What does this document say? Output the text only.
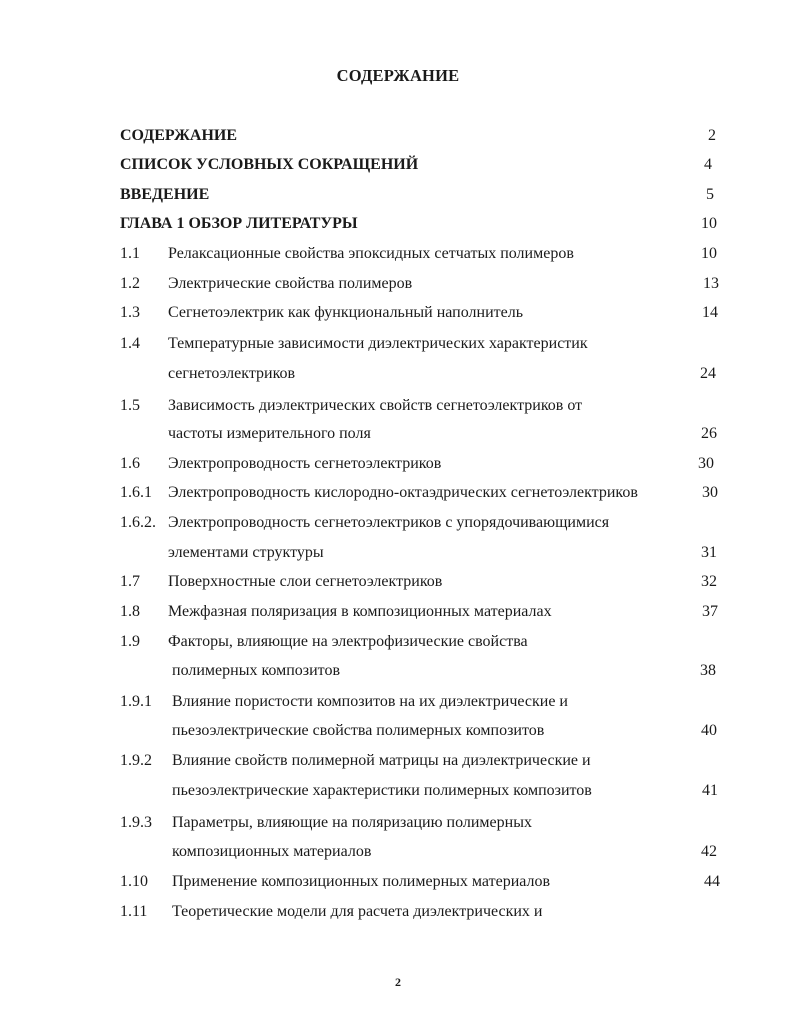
СОДЕРЖАНИЕ
СОДЕРЖАНИЕ	2
СПИСОК УСЛОВНЫХ СОКРАЩЕНИЙ	4
ВВЕДЕНИЕ	5
ГЛАВА 1 ОБЗОР ЛИТЕРАТУРЫ	10
1.1 Релаксационные свойства эпоксидных сетчатых полимеров	10
1.2 Электрические свойства полимеров	13
1.3 Сегнетоэлектрик как функциональный наполнитель	14
1.4 Температурные зависимости диэлектрических характеристик
сегнетоэлектриков	24
1.5 Зависимость диэлектрических свойств сегнетоэлектриков от
частоты измерительного поля	26
1.6 Электропроводность сегнетоэлектриков	30
1.6.1 Электропроводность кислородно-октаэдрических сегнетоэлектриков	30
1.6.2. Электропроводность сегнетоэлектриков с упорядочивающимися
элементами структуры	31
1.7 Поверхностные слои сегнетоэлектриков	32
1.8 Межфазная поляризация в композиционных материалах	37
1.9 Факторы, влияющие на электрофизические свойства
полимерных композитов	38
1.9.1 Влияние пористости композитов на их диэлектрические и
пьезоэлектрические свойства полимерных композитов	40
1.9.2 Влияние свойств полимерной матрицы на диэлектрические и
пьезоэлектрические характеристики полимерных композитов	41
1.9.3 Параметры, влияющие на поляризацию полимерных
композиционных материалов	42
1.10 Применение композиционных полимерных материалов	44
1.11 Теоретические модели для расчета диэлектрических и
2
